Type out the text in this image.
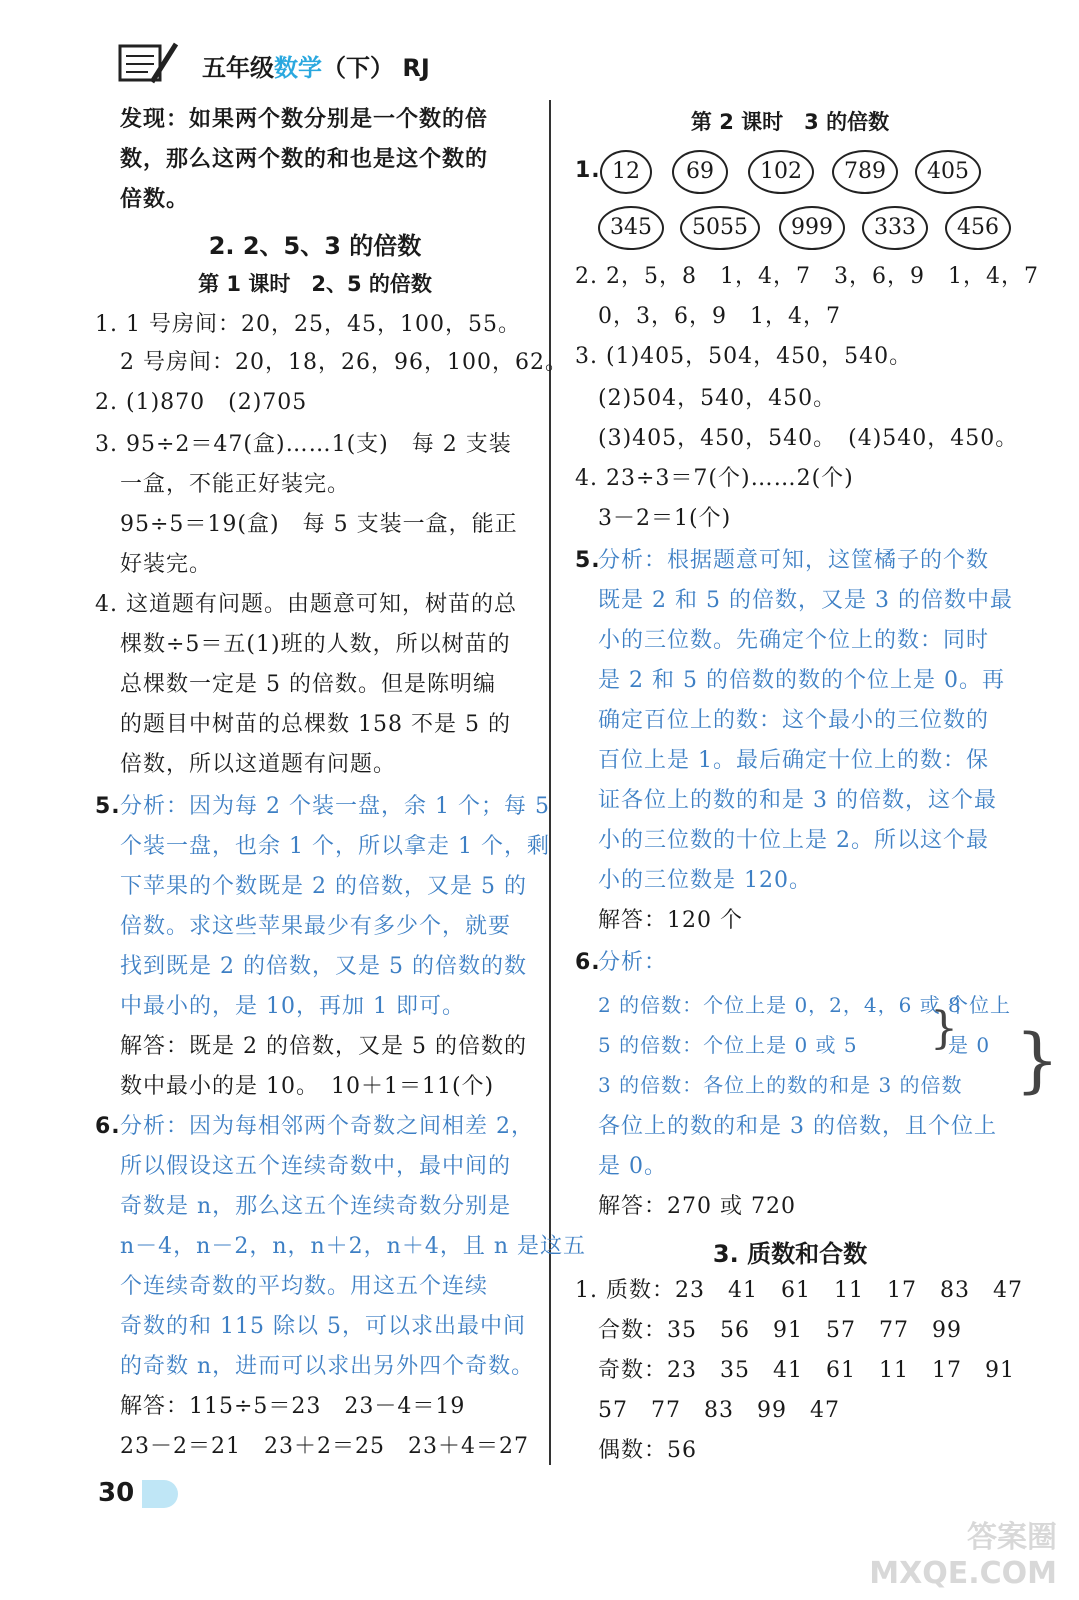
五年级数学（下） RJ
发现：如果两个数分别是一个数的倍
数，那么这两个数的和也是这个数的
倍数。
2. 2、5、3 的倍数
第 1 课时　2、5 的倍数
1. 1 号房间：20，25，45，100，55。
2 号房间：20，18，26，96，100，62。
2. (1)870　(2)705
3. 95÷2＝47(盒)……1(支)　每 2 支装
一盒，不能正好装完。
95÷5＝19(盒)　每 5 支装一盒，能正
好装完。
4. 这道题有问题。由题意可知，树苗的总
棵数÷5＝五(1)班的人数，所以树苗的
总棵数一定是 5 的倍数。但是陈明编
的题目中树苗的总棵数 158 不是 5 的
倍数，所以这道题有问题。
5. 分析：因为每 2 个装一盘，余 1 个；每 5
个装一盘，也余 1 个，所以拿走 1 个，剩
下苹果的个数既是 2 的倍数，又是 5 的
倍数。求这些苹果最少有多少个，就要
找到既是 2 的倍数，又是 5 的倍数的数
中最小的，是 10，再加 1 即可。
解答：既是 2 的倍数，又是 5 的倍数的
数中最小的是 10。　10＋1＝11(个)
6. 分析：因为每相邻两个奇数之间相差 2，
所以假设这五个连续奇数中，最中间的
奇数是 n，那么这五个连续奇数分别是
n－4，n－2，n，n＋2，n＋4，且 n 是这五
个连续奇数的平均数。用这五个连续
奇数的和 115 除以 5，可以求出最中间
的奇数 n，进而可以求出另外四个奇数。
解答：115÷5＝23　23－4＝19
23－2＝21　23＋2＝25　23＋4＝27
第 2 课时　3 的倍数
1. 12	69	102	789	405
345	5055	999	333	456
2. 2，5，8　1，4，7　3，6，9　1，4，7
0，3，6，9　1，4，7
3. (1)405，504，450，540。
(2)504，540，450。
(3)405，450，540。　(4)540，450。
4. 23÷3＝7(个)……2(个)
3－2＝1(个)
5.
分析：根据题意可知，这筐橘子的个数
既是 2 和 5 的倍数，又是 3 的倍数中最
小的三位数。先确定个位上的数：同时
是 2 和 5 的倍数的数的个位上是 0。再
确定百位上的数：这个最小的三位数的
百位上是 1。最后确定十位上的数：保
证各位上的数的和是 3 的倍数，这个最
小的三位数的十位上是 2。所以这个最
小的三位数是 120。
解答：120 个
6.
分析：
2 的倍数：个位上是 0，2，4，6 或 8
5 的倍数：个位上是 0 或 5 }
个位上
是 0 }
3 的倍数：各位上的数的和是 3 的倍数
各位上的数的和是 3 的倍数，且个位上
是 0。
解答：270 或 720
3. 质数和合数
1. 质数：23　41　61　11　17　83　47
合数：35　56　91　57　77　99
奇数：23　35　41　61　11　17　91
57　77　83　99　47
偶数：56
30
答案圈
MXQE.COM
